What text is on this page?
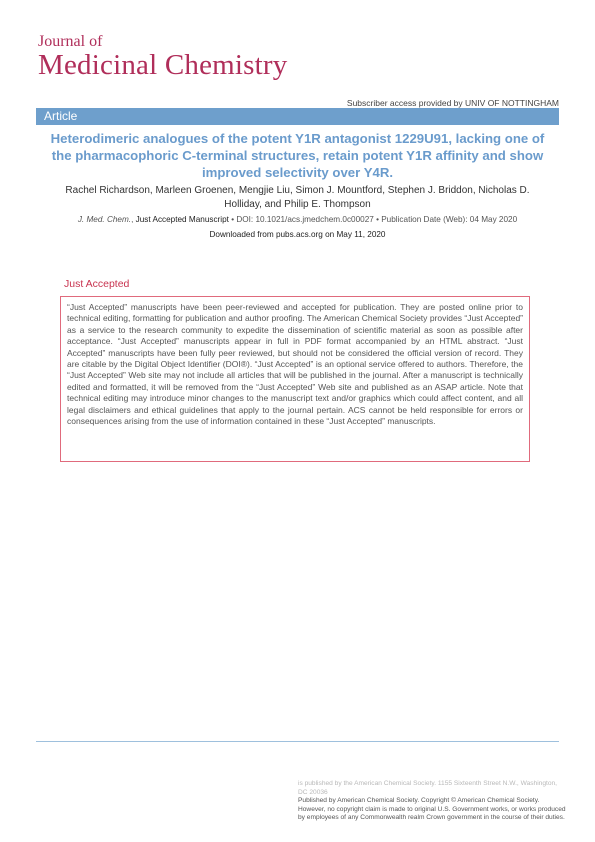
Journal of
Medicinal Chemistry
Subscriber access provided by UNIV OF NOTTINGHAM
Article
Heterodimeric analogues of the potent Y1R antagonist 1229U91, lacking one of the pharmacophoric C-terminal structures, retain potent Y1R affinity and show improved selectivity over Y4R.
Rachel Richardson, Marleen Groenen, Mengjie Liu, Simon J. Mountford, Stephen J. Briddon, Nicholas D. Holliday, and Philip E. Thompson
J. Med. Chem., Just Accepted Manuscript • DOI: 10.1021/acs.jmedchem.0c00027 • Publication Date (Web): 04 May 2020
Downloaded from pubs.acs.org on May 11, 2020
Just Accepted

“Just Accepted” manuscripts have been peer-reviewed and accepted for publication. They are posted online prior to technical editing, formatting for publication and author proofing. The American Chemical Society provides “Just Accepted” as a service to the research community to expedite the dissemination of scientific material as soon as possible after acceptance. “Just Accepted” manuscripts appear in full in PDF format accompanied by an HTML abstract. “Just Accepted” manuscripts have been fully peer reviewed, but should not be considered the official version of record. They are citable by the Digital Object Identifier (DOI®). “Just Accepted” is an optional service offered to authors. Therefore, the “Just Accepted” Web site may not include all articles that will be published in the journal. After a manuscript is technically edited and formatted, it will be removed from the “Just Accepted” Web site and published as an ASAP article. Note that technical editing may introduce minor changes to the manuscript text and/or graphics which could affect content, and all legal disclaimers and ethical guidelines that apply to the journal pertain. ACS cannot be held responsible for errors or consequences arising from the use of information contained in these “Just Accepted” manuscripts.

is published by the American Chemical Society. 1155 Sixteenth Street N.W., Washington, DC 20036
Published by American Chemical Society. Copyright © American Chemical Society. However, no copyright claim is made to original U.S. Government works, or works produced by employees of any Commonwealth realm Crown government in the course of their duties.
